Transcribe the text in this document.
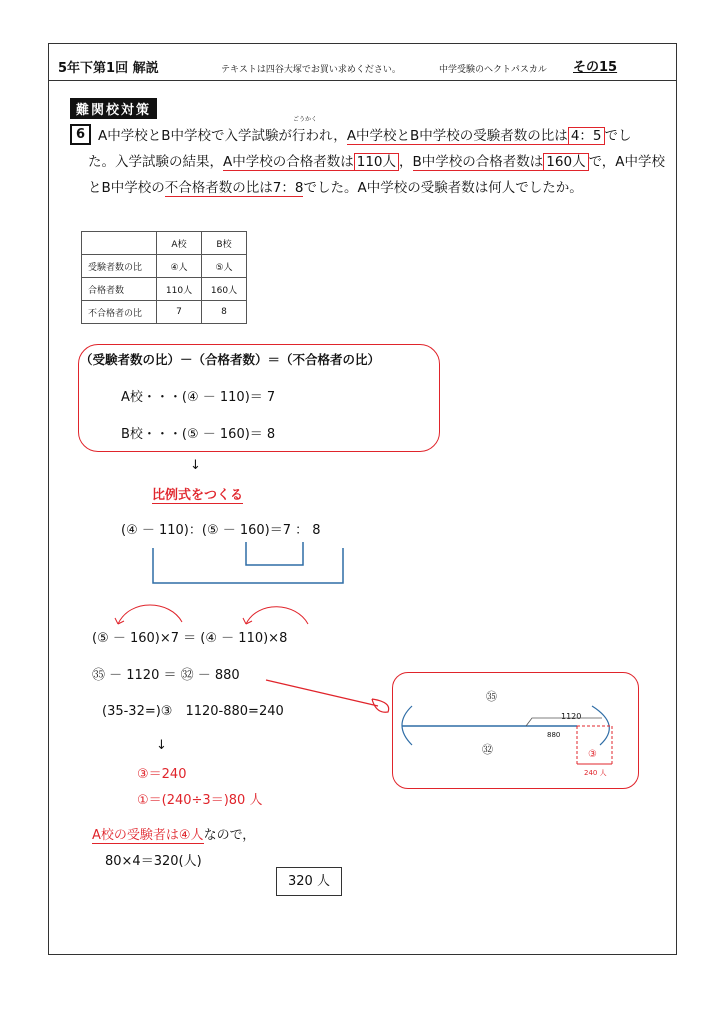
5年下第1回 解説	テキストは四谷大塚でお買い求めください。	中学受験のヘクトパスカル その15
難関校対策
6
ごうかく
A中学校とB中学校で入学試験が行われ，A中学校とB中学校の受験者数の比は 4：5 でし
た。入学試験の結果，A中学校の合格者数は 110人 ，B中学校の合格者数は 160人 で，A中学校
とB中学校の不合格者数の比は7：8でした。A中学校の受験者数は何人でしたか。
	A校	B校
受験者数の比	④人	⑤人
合格者数	110人	160人
不合格者の比	7	8
（受験者数の比）－（合格者数）＝（不合格者の比）
A校・・・(④ － 110)＝ 7
B校・・・(⑤ － 160)＝ 8
↓
比例式をつくる
(④ － 110)：(⑤ － 160)＝7 ： 8
(⑤ － 160)×7 ＝ (④ － 110)×8
㉟ － 1120 ＝ ㉜ － 880
(35-32=)③　1120-880=240
↓
③＝240
①＝(240÷3＝)80 人
A校の受験者は④人なので，
80×4＝320(人)
320 人
㉟
㉜
1120
880
③
240 人
